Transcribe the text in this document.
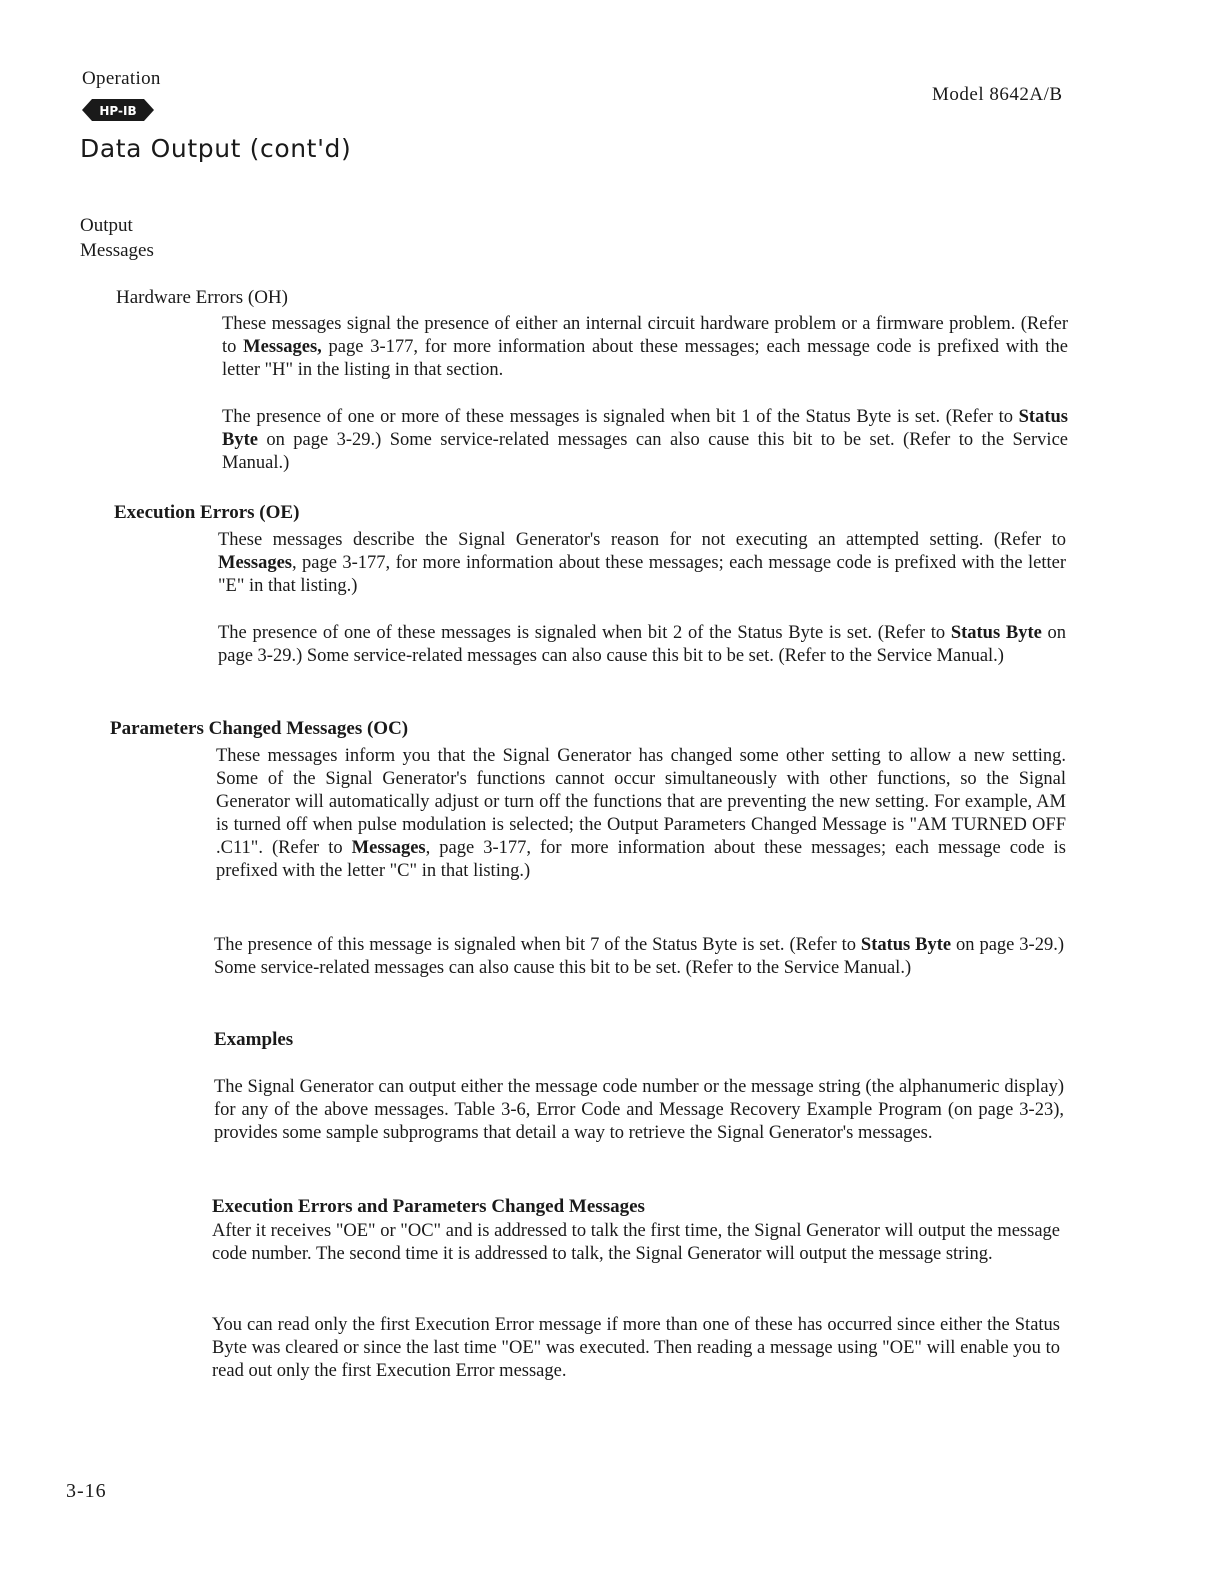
Operation
HP-IB
Model 8642A/B
Data Output (cont'd)
Output
Messages
Hardware Errors (OH)

These messages signal the presence of either an internal circuit hardware problem or a firmware problem. (Refer to Messages, page 3-177, for more information about these messages; each message code is prefixed with the letter "H" in the listing in that section.

The presence of one or more of these messages is signaled when bit 1 of the Status Byte is set. (Refer to Status Byte on page 3-29.) Some service-related messages can also cause this bit to be set. (Refer to the Service Manual.)

Execution Errors (OE)

These messages describe the Signal Generator's reason for not executing an attempted setting. (Refer to Messages, page 3-177, for more information about these messages; each message code is prefixed with the letter "E" in that listing.)

The presence of one of these messages is signaled when bit 2 of the Status Byte is set. (Refer to Status Byte on page 3-29.) Some service-related messages can also cause this bit to be set. (Refer to the Service Manual.)

Parameters Changed Messages (OC)

These messages inform you that the Signal Generator has changed some other setting to allow a new setting. Some of the Signal Generator's functions cannot occur simultaneously with other functions, so the Signal Generator will automatically adjust or turn off the functions that are preventing the new setting. For example, AM is turned off when pulse modulation is selected; the Output Parameters Changed Message is "AM TURNED OFF .C11". (Refer to Messages, page 3-177, for more information about these messages; each message code is prefixed with the letter "C" in that listing.)

The presence of this message is signaled when bit 7 of the Status Byte is set. (Refer to Status Byte on page 3-29.) Some service-related messages can also cause this bit to be set. (Refer to the Service Manual.)

Examples

The Signal Generator can output either the message code number or the message string (the alphanumeric display) for any of the above messages. Table 3-6, Error Code and Message Recovery Example Program (on page 3-23), provides some sample subprograms that detail a way to retrieve the Signal Generator's messages.

Execution Errors and Parameters Changed Messages

After it receives "OE" or "OC" and is addressed to talk the first time, the Signal Generator will output the message code number. The second time it is addressed to talk, the Signal Generator will output the message string.

You can read only the first Execution Error message if more than one of these has occurred since either the Status Byte was cleared or since the last time "OE" was executed. Then reading a message using "OE" will enable you to read out only the first Execution Error message.

3-16
